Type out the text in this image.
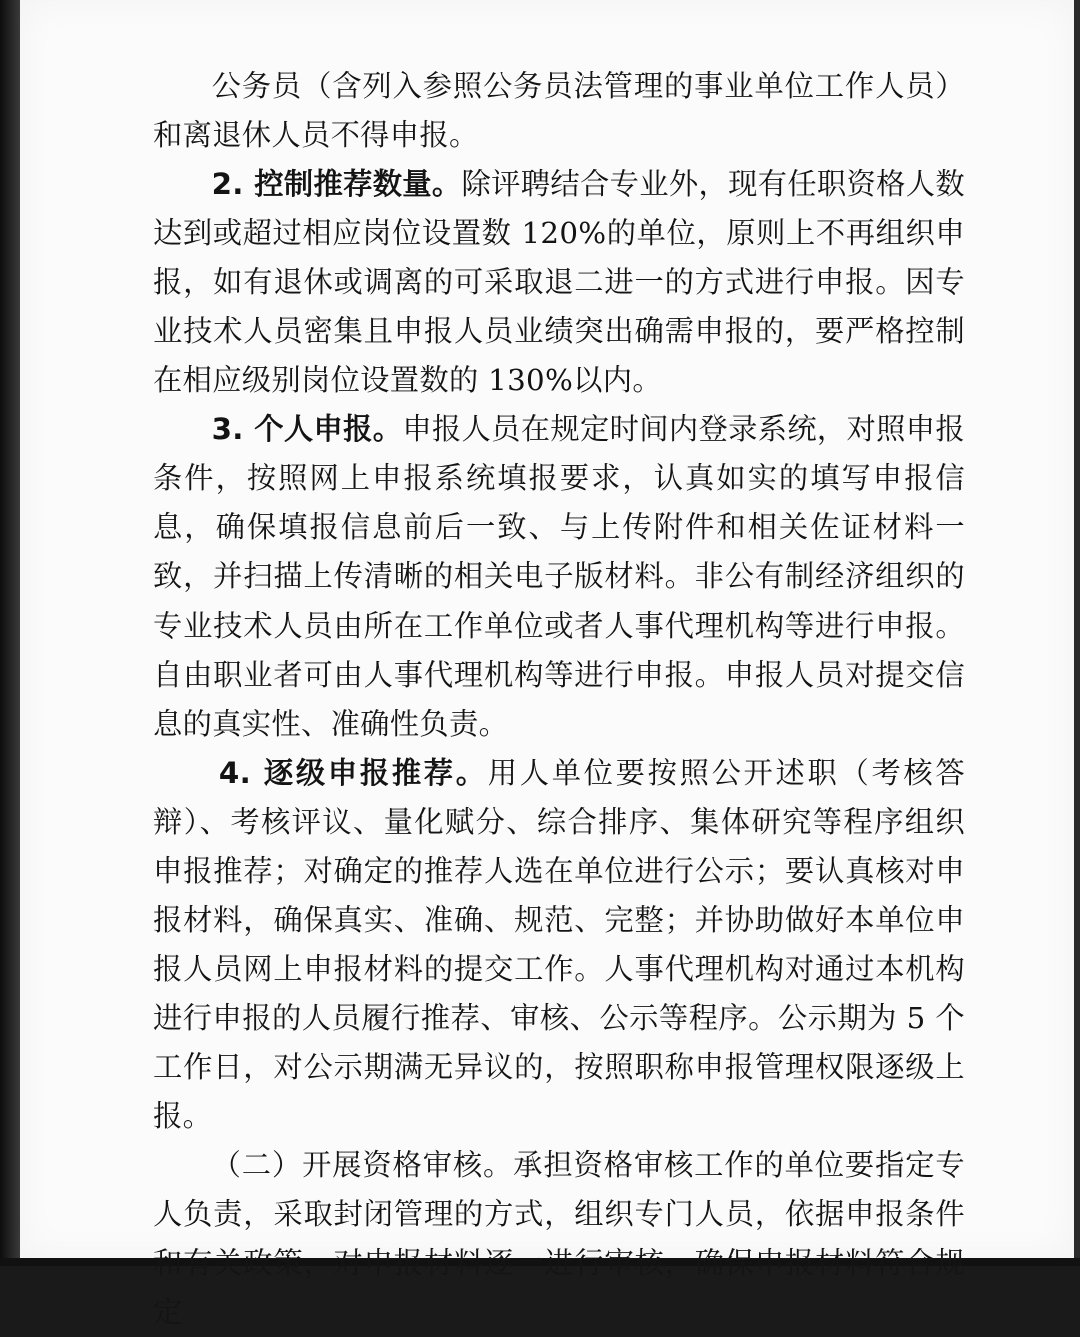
公务员（含列入参照公务员法管理的事业单位工作人员）和离退休人员不得申报。

2. 控制推荐数量。除评聘结合专业外，现有任职资格人数达到或超过相应岗位设置数 120%的单位，原则上不再组织申报，如有退休或调离的可采取退二进一的方式进行申报。因专业技术人员密集且申报人员业绩突出确需申报的，要严格控制在相应级别岗位设置数的 130%以内。

3. 个人申报。申报人员在规定时间内登录系统，对照申报条件，按照网上申报系统填报要求，认真如实的填写申报信息，确保填报信息前后一致、与上传附件和相关佐证材料一致，并扫描上传清晰的相关电子版材料。非公有制经济组织的专业技术人员由所在工作单位或者人事代理机构等进行申报。自由职业者可由人事代理机构等进行申报。申报人员对提交信息的真实性、准确性负责。

4. 逐级申报推荐。用人单位要按照公开述职（考核答辩）、考核评议、量化赋分、综合排序、集体研究等程序组织申报推荐；对确定的推荐人选在单位进行公示；要认真核对申报材料，确保真实、准确、规范、完整；并协助做好本单位申报人员网上申报材料的提交工作。人事代理机构对通过本机构进行申报的人员履行推荐、审核、公示等程序。公示期为 5 个工作日，对公示期满无异议的，按照职称申报管理权限逐级上报。

（二）开展资格审核。承担资格审核工作的单位要指定专人负责，采取封闭管理的方式，组织专门人员，依据申报条件和有关政策，对申报材料逐一进行审核，确保申报材料符合规定
